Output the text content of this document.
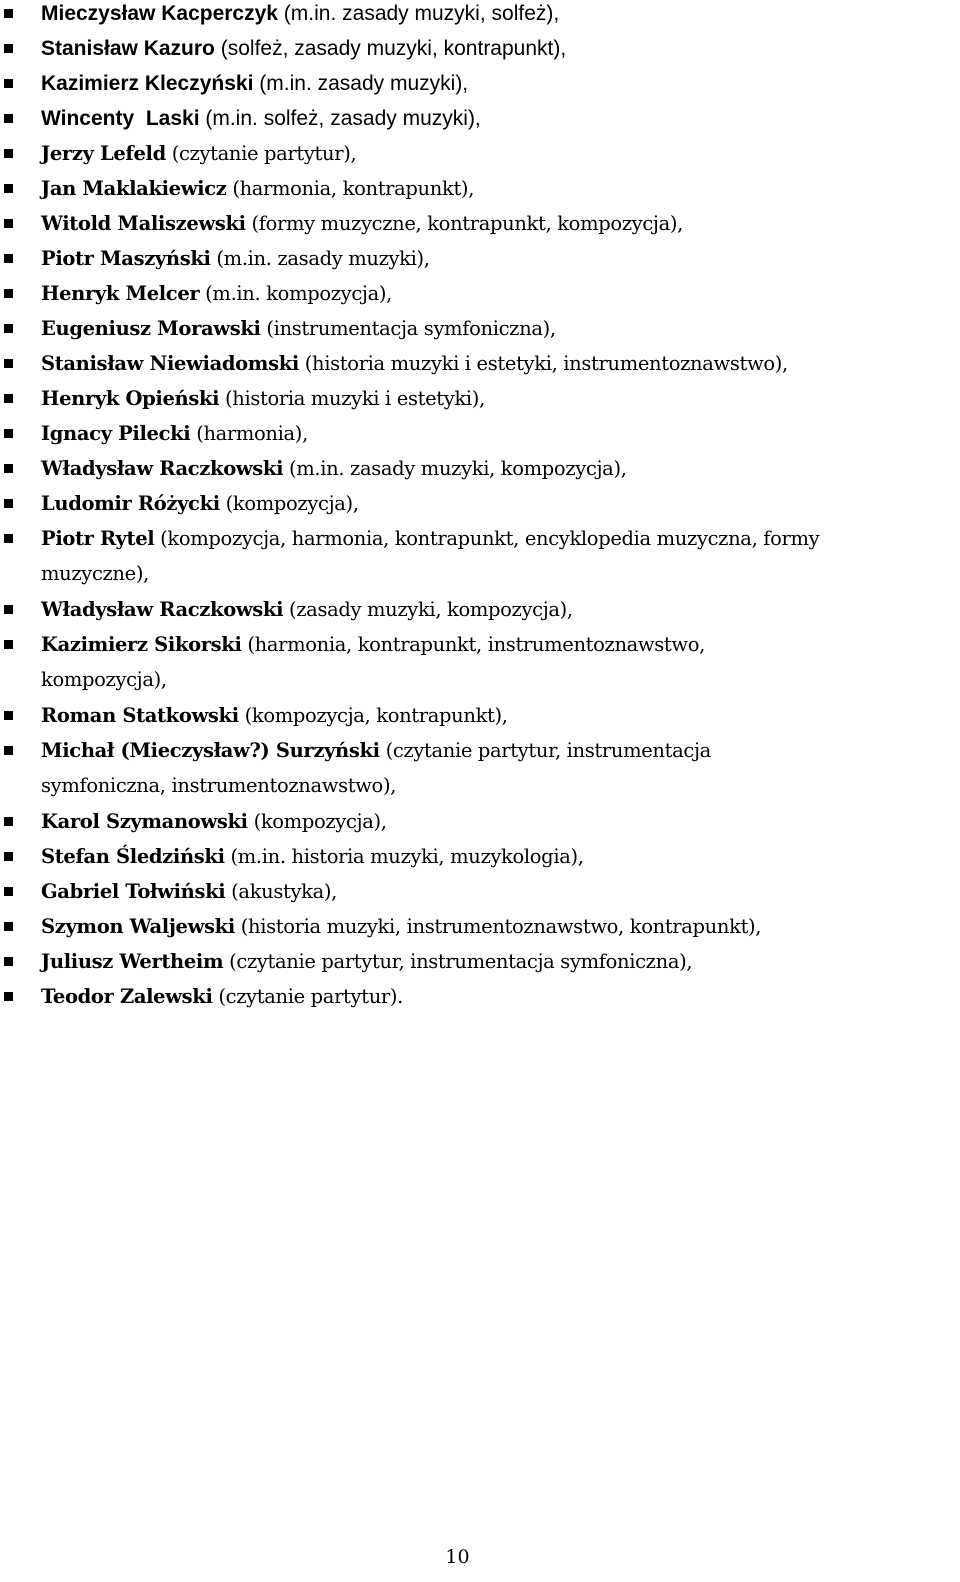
Mieczysław Kacperczyk (m.in. zasady muzyki, solfeż),
Stanisław Kazuro (solfeż, zasady muzyki, kontrapunkt),
Kazimierz Kleczyński (m.in. zasady muzyki),
Wincenty  Laski (m.in. solfeż, zasady muzyki),
Jerzy Lefeld (czytanie partytur),
Jan Maklakiewicz (harmonia, kontrapunkt),
Witold Maliszewski (formy muzyczne, kontrapunkt, kompozycja),
Piotr Maszyński (m.in. zasady muzyki),
Henryk Melcer (m.in. kompozycja),
Eugeniusz Morawski (instrumentacja symfoniczna),
Stanisław Niewiadomski (historia muzyki i estetyki, instrumentoznawstwo),
Henryk Opieński (historia muzyki i estetyki),
Ignacy Pilecki (harmonia),
Władysław Raczkowski (m.in. zasady muzyki, kompozycja),
Ludomir Różycki (kompozycja),
Piotr Rytel (kompozycja, harmonia, kontrapunkt, encyklopedia muzyczna, formy
muzyczne),
Władysław Raczkowski (zasady muzyki, kompozycja),
Kazimierz Sikorski (harmonia, kontrapunkt, instrumentoznawstwo,
kompozycja),
Roman Statkowski (kompozycja, kontrapunkt),
Michał (Mieczysław?) Surzyński (czytanie partytur, instrumentacja
symfoniczna, instrumentoznawstwo),
Karol Szymanowski (kompozycja),
Stefan Śledziński (m.in. historia muzyki, muzykologia),
Gabriel Tołwiński (akustyka),
Szymon Waljewski (historia muzyki, instrumentoznawstwo, kontrapunkt),
Juliusz Wertheim (czytanie partytur, instrumentacja symfoniczna),
Teodor Zalewski (czytanie partytur).
10
